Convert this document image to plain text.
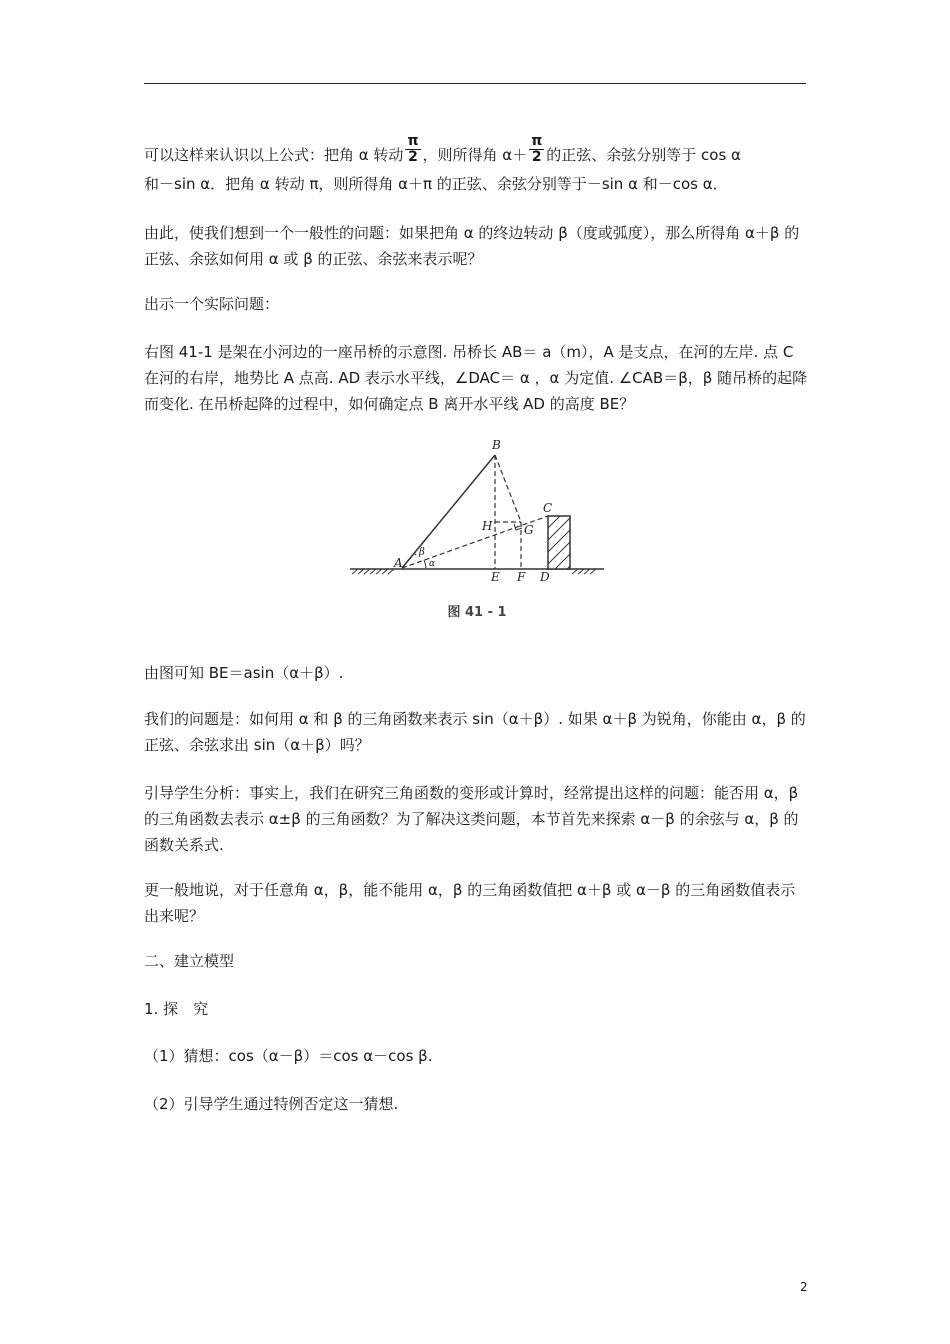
可以这样来认识以上公式：把角 α 转动 $\frac{\pi}{2}$ ，则所得角 $\alpha+ \frac{\pi}{2}$ 的正弦、余弦分别等于 cos α
和－sin α．把角 α 转动 π，则所得角 α＋π 的正弦、余弦分别等于－sin α 和－cos α．
由此，使我们想到一个一般性的问题：如果把角 α 的终边转动 β（度或弧度），那么所得角 α＋β 的正弦、余弦如何用 α 或 β 的正弦、余弦来表示呢？
出示一个实际问题：
右图 41-1 是架在小河边的一座吊桥的示意图. 吊桥长 AB＝ a（m），A 是支点，在河的左岸. 点 C 在河的右岸，地势比 A 点高. AD 表示水平线，∠DAC＝ α ，α 为定值. ∠CAB＝β，β 随吊桥的起降而变化. 在吊桥起降的过程中，如何确定点 B 离开水平线 AD 的高度 BE？
B
C
H	G
A
E F D
β
α
图 41 - 1
由图可知 BE＝asin（α＋β）.
我们的问题是：如何用 α 和 β 的三角函数来表示 sin（α＋β）. 如果 α＋β 为锐角，你能由 α，β 的正弦、余弦求出 sin（α＋β）吗？
引导学生分析：事实上，我们在研究三角函数的变形或计算时，经常提出这样的问题：能否用 α，β 的三角函数去表示 α±β 的三角函数？为了解决这类问题，本节首先来探索 α－β 的余弦与 α，β 的函数关系式.
更一般地说，对于任意角 α，β，能不能用 α，β 的三角函数值把 α＋β 或 α－β 的三角函数值表示出来呢？
二、建立模型
1. 探　究
（1）猜想：cos（α－β）＝cos α－cos β.
（2）引导学生通过特例否定这一猜想.
2
